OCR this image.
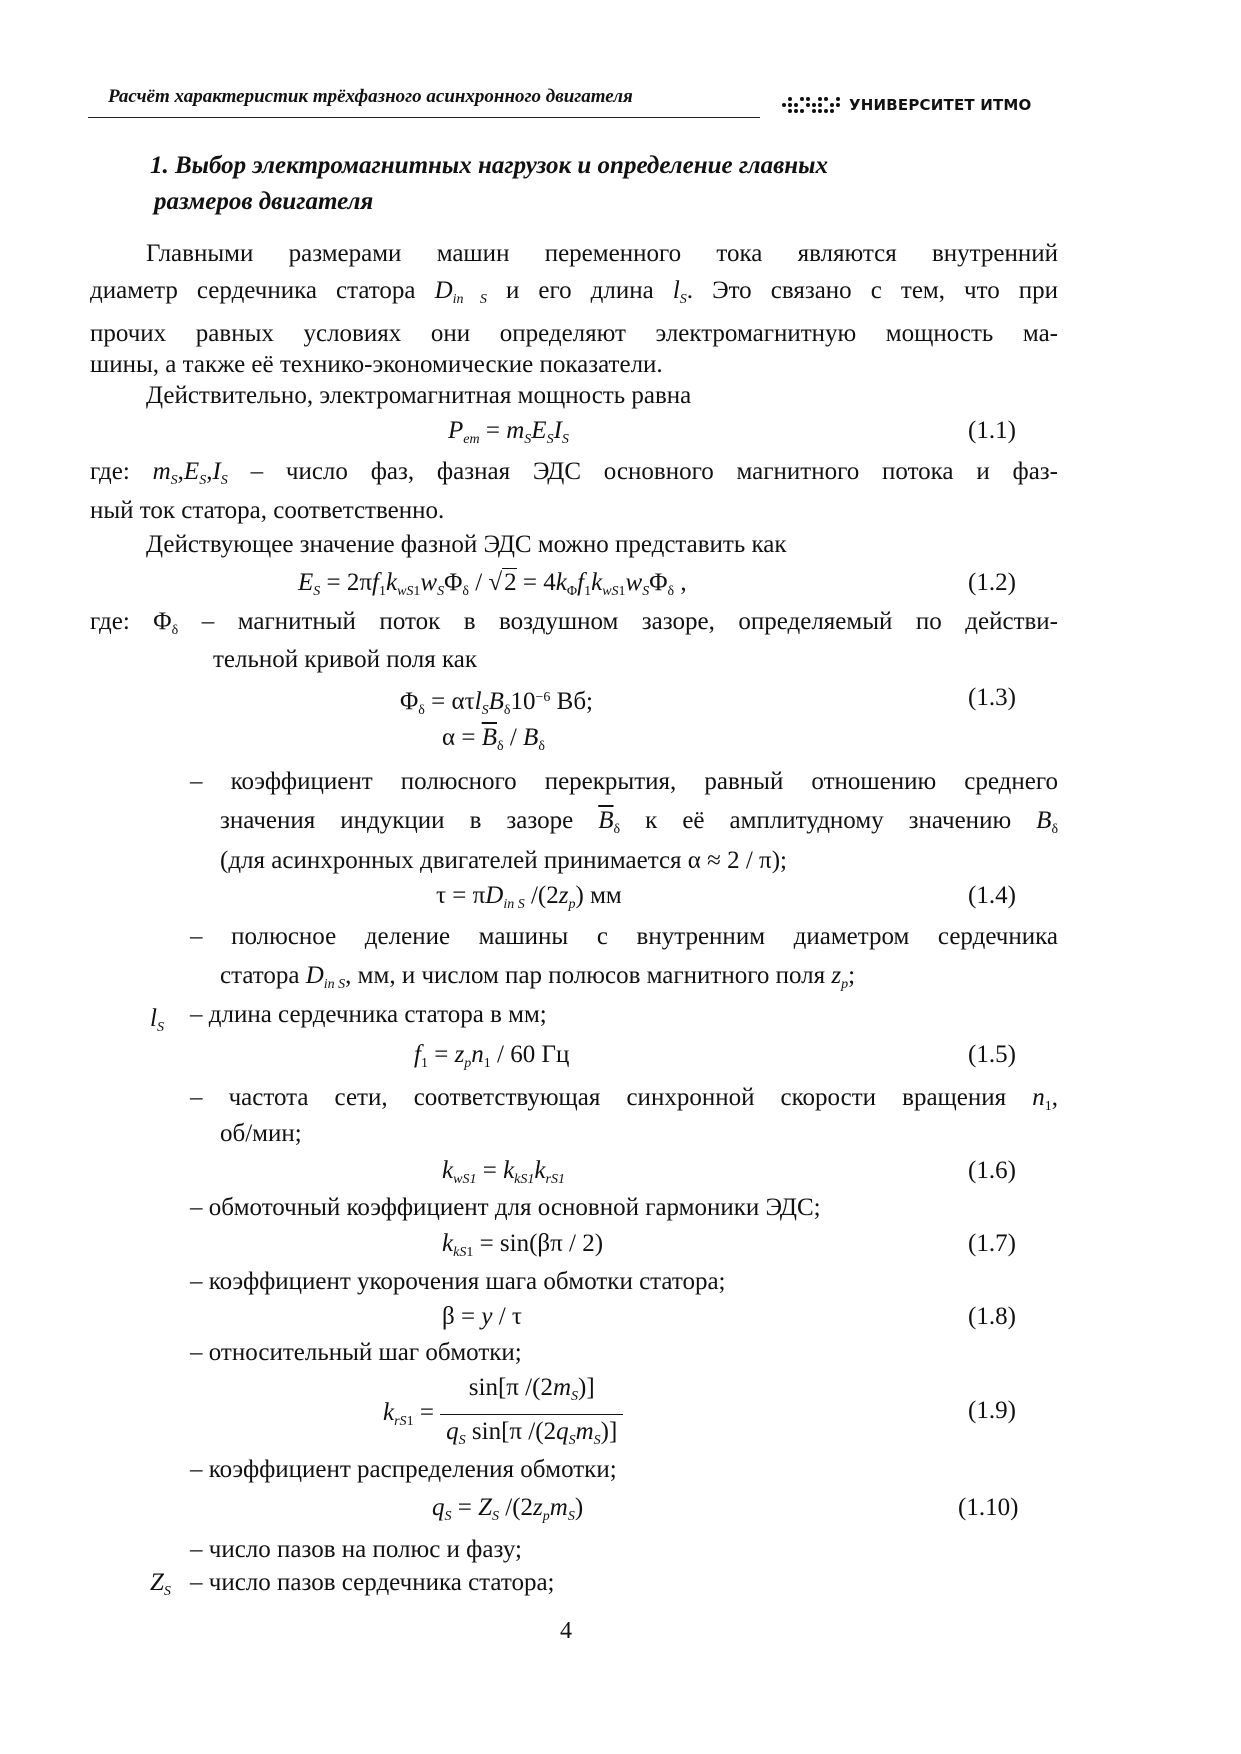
Расчёт характеристик трёхфазного асинхронного двигателя	УНИВЕРСИТЕТ ИТМО
1. Выбор электромагнитных нагрузок и определение главных
размеров двигателя
Главными размерами машин переменного тока являются внутренний
диаметр сердечника статора $D_{in S}$ и его длина $l_S$. Это связано с тем, что при
прочих равных условиях они определяют электромагнитную мощность ма-
шины, а также её технико-экономические показатели.
Действительно, электромагнитная мощность равна
$P_{em} = m_SE_SI_S$	(1.1)
где: $m_S,E_S,I_S$ – число фаз, фазная ЭДС основного магнитного потока и фаз-
ный ток статора, соответственно.
Действующее значение фазной ЭДС можно представить как
$E_S = 2\pi f_1k_{wS1}w_S\Phi_\delta / √2 = 4k_\Phi f_1k_{wS1}w_S\Phi_\delta$ ,	(1.2)
где: $\Phi_\delta$ – магнитный поток в воздушном зазоре, определяемый по действи-
тельной кривой поля как
$\Phi_\delta = \alpha\tau l_SB_\delta 10^{-6}$ Вб;	(1.3)
$\alpha = \overline{B}_\delta / B_\delta$
– коэффициент полюсного перекрытия, равный отношению среднего
значения индукции в зазоре $\overline{B}_\delta$ к её амплитудному значению $B_\delta$
(для асинхронных двигателей принимается α ≈ 2 / π);
$\tau = \pi D_{in S}$ $/(2z_p)$ мм	(1.4)
– полюсное деление машины с внутренним диаметром сердечника
статора $D_{in S}$, мм, и числом пар полюсов магнитного поля $z_p$;
$l_S$ – длина сердечника статора в мм;
$f_1 = z_pn_1 / 60$ Гц	(1.5)
– частота сети, соответствующая синхронной скорости вращения $n_1$,
об/мин;
$k_{wS1} = k_{kS1}k_{rS1}$	(1.6)
– обмоточный коэффициент для основной гармоники ЭДС;
$k_{kS1} = \sin(\beta\pi / 2)$	(1.7)
– коэффициент укорочения шага обмотки статора;
β = y / τ	(1.8)
– относительный шаг обмотки;
$k_{rS1} = \frac{\sin[\pi /(2m_S)]}{q_S \sin[\pi /(2q_Sm_S)]}$	(1.9)
– коэффициент распределения обмотки;
$q_S = Z_S$ $/(2z_pm_S)$	(1.10)
– число пазов на полюс и фазу;
$Z_S$ – число пазов сердечника статора;
4
